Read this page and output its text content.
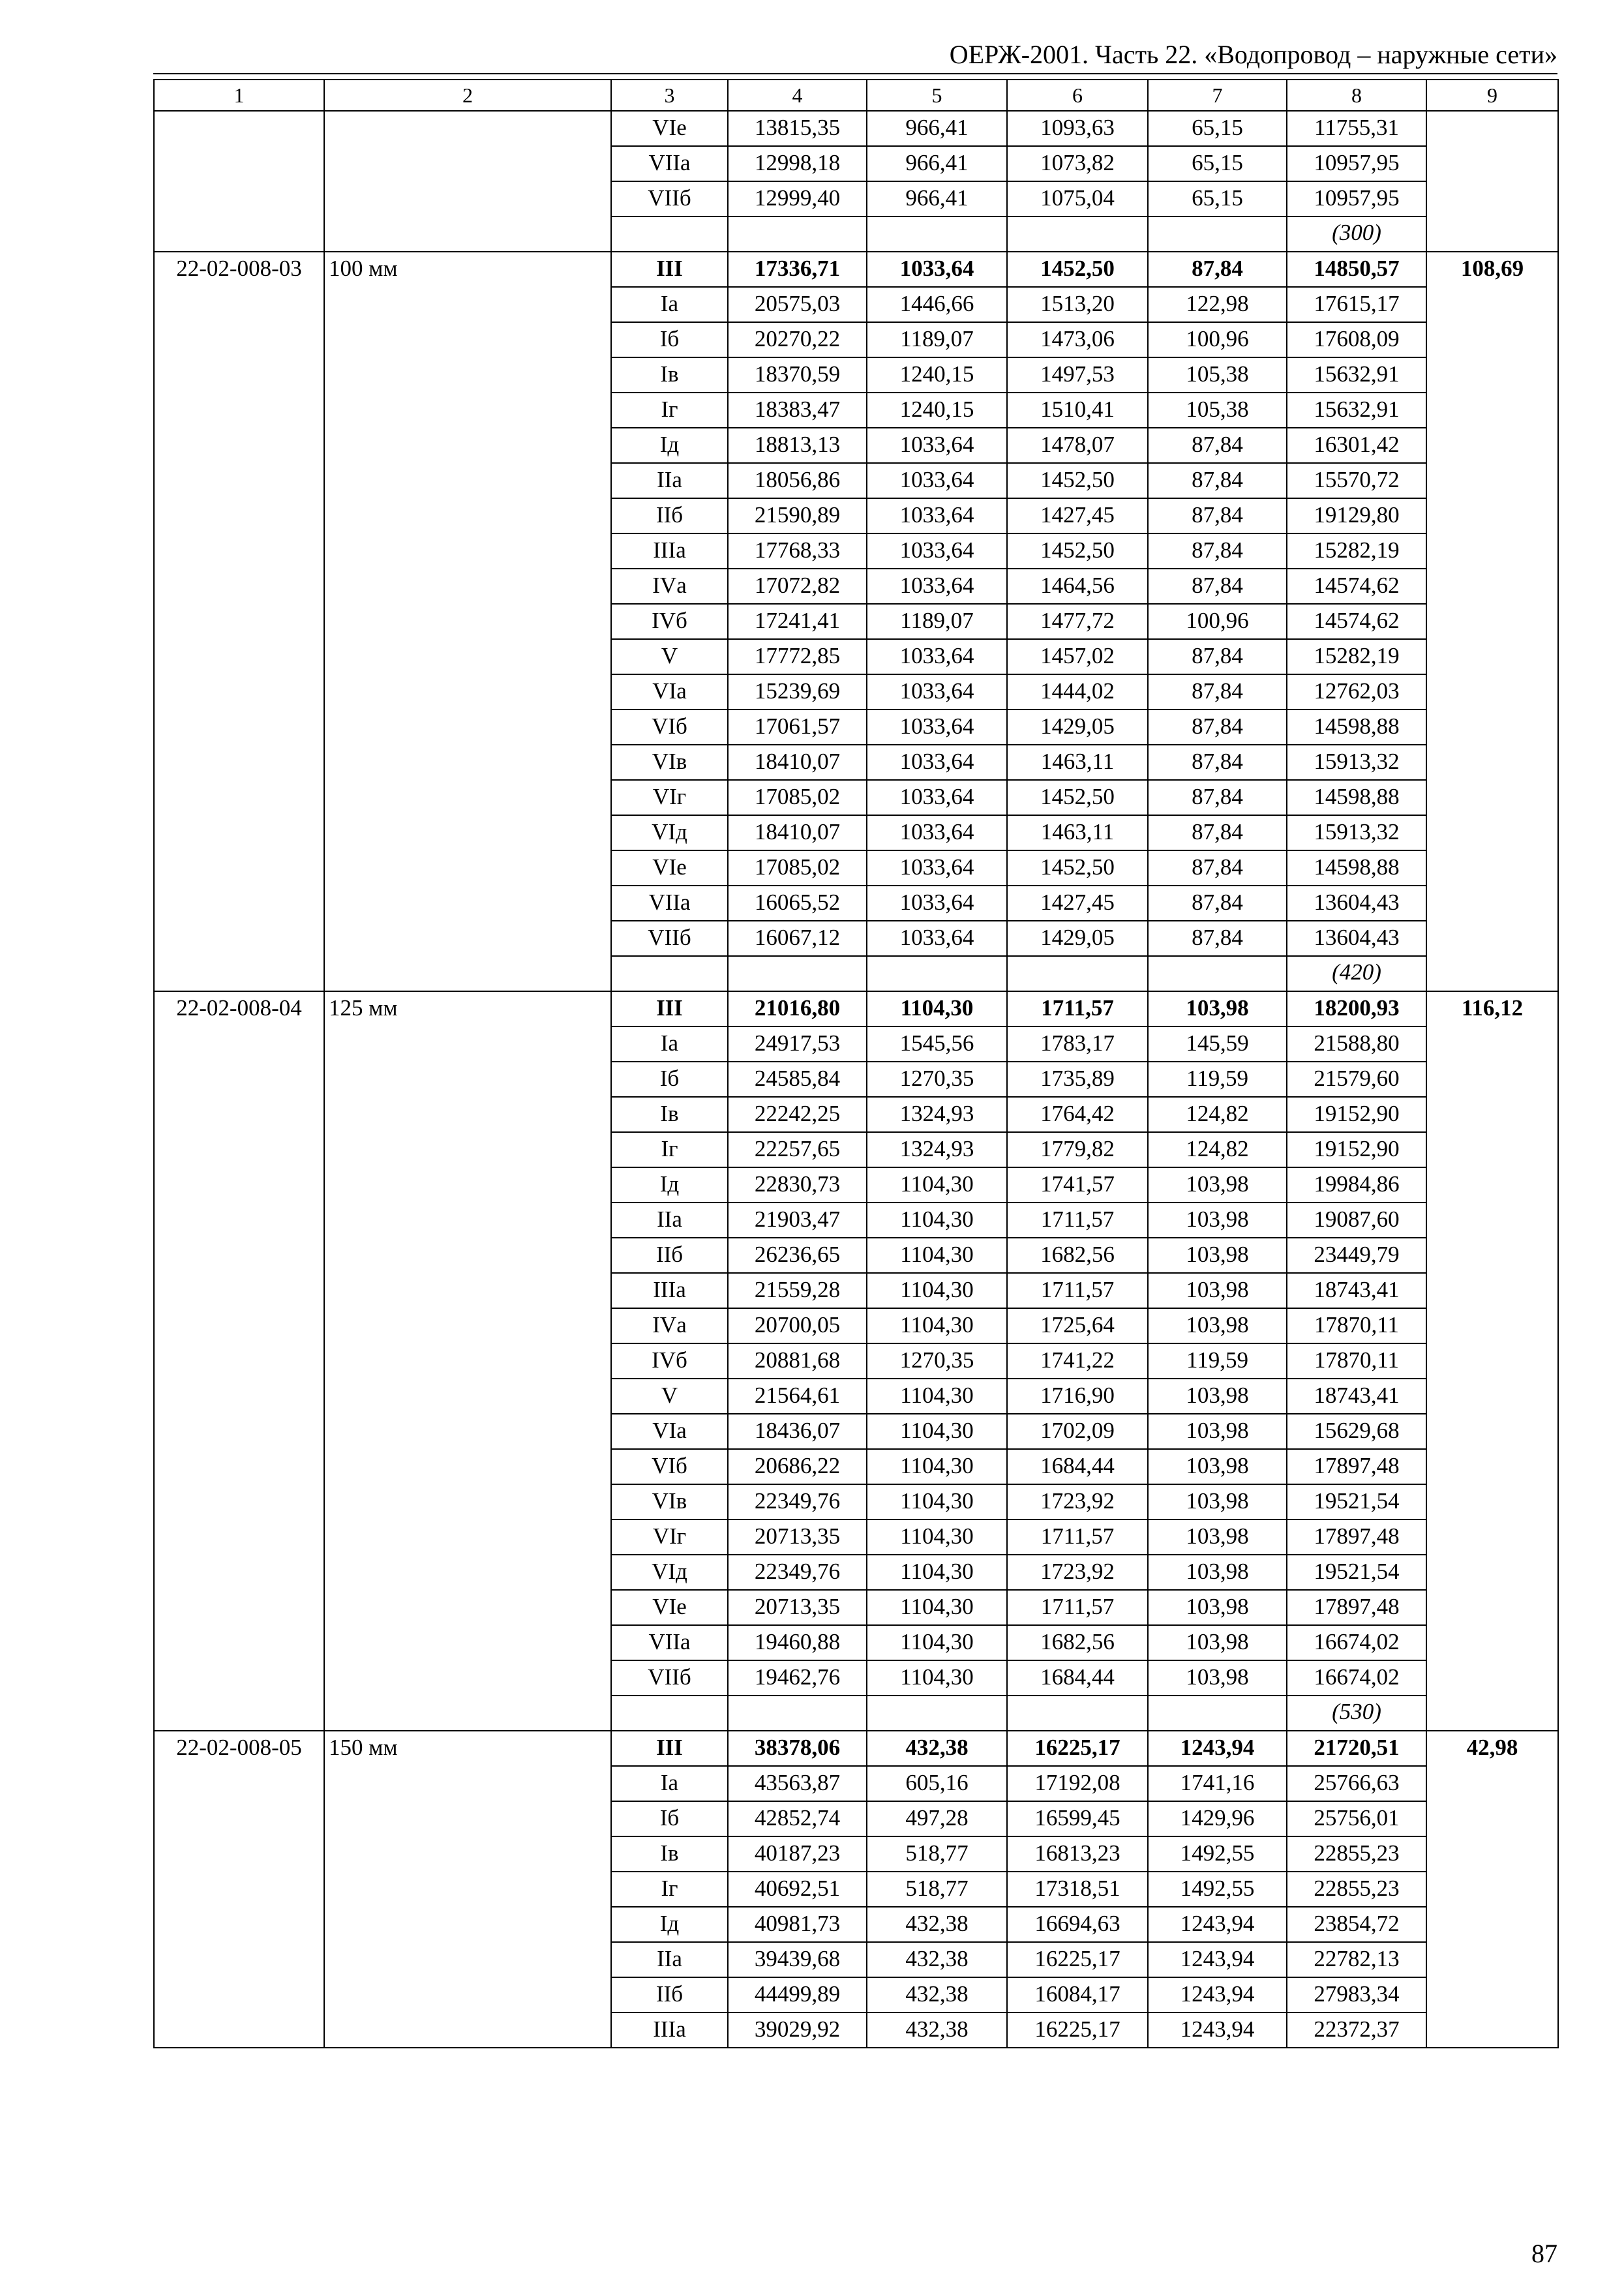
ОЕРЖ-2001. Часть 22. «Водопровод – наружные сети»
1	2	3	4	5	6	7	8	9
		VIе	13815,35	966,41	1093,63	65,15	11755,31	
		VIIа	12998,18	966,41	1073,82	65,15	10957,95	
		VIIб	12999,40	966,41	1075,04	65,15	10957,95	

							(300)	

22-02-008-03	100 мм	III	17336,71	1033,64	1452,50	87,84	14850,57	108,69
		Iа	20575,03	1446,66	1513,20	122,98	17615,17	
		Iб	20270,22	1189,07	1473,06	100,96	17608,09	
		Iв	18370,59	1240,15	1497,53	105,38	15632,91	
		Iг	18383,47	1240,15	1510,41	105,38	15632,91	
		Iд	18813,13	1033,64	1478,07	87,84	16301,42	
		IIа	18056,86	1033,64	1452,50	87,84	15570,72	
		IIб	21590,89	1033,64	1427,45	87,84	19129,80	
		IIIа	17768,33	1033,64	1452,50	87,84	15282,19	
		IVа	17072,82	1033,64	1464,56	87,84	14574,62	
		IVб	17241,41	1189,07	1477,72	100,96	14574,62	
		V	17772,85	1033,64	1457,02	87,84	15282,19	
		VIа	15239,69	1033,64	1444,02	87,84	12762,03	
		VIб	17061,57	1033,64	1429,05	87,84	14598,88	
		VIв	18410,07	1033,64	1463,11	87,84	15913,32	
		VIг	17085,02	1033,64	1452,50	87,84	14598,88	
		VIд	18410,07	1033,64	1463,11	87,84	15913,32	
		VIе	17085,02	1033,64	1452,50	87,84	14598,88	
		VIIа	16065,52	1033,64	1427,45	87,84	13604,43	
		VIIб	16067,12	1033,64	1429,05	87,84	13604,43	

							(420)	

22-02-008-04	125 мм	III	21016,80	1104,30	1711,57	103,98	18200,93	116,12
		Iа	24917,53	1545,56	1783,17	145,59	21588,80	
		Iб	24585,84	1270,35	1735,89	119,59	21579,60	
		Iв	22242,25	1324,93	1764,42	124,82	19152,90	
		Iг	22257,65	1324,93	1779,82	124,82	19152,90	
		Iд	22830,73	1104,30	1741,57	103,98	19984,86	
		IIа	21903,47	1104,30	1711,57	103,98	19087,60	
		IIб	26236,65	1104,30	1682,56	103,98	23449,79	
		IIIа	21559,28	1104,30	1711,57	103,98	18743,41	
		IVа	20700,05	1104,30	1725,64	103,98	17870,11	
		IVб	20881,68	1270,35	1741,22	119,59	17870,11	
		V	21564,61	1104,30	1716,90	103,98	18743,41	
		VIа	18436,07	1104,30	1702,09	103,98	15629,68	
		VIб	20686,22	1104,30	1684,44	103,98	17897,48	
		VIв	22349,76	1104,30	1723,92	103,98	19521,54	
		VIг	20713,35	1104,30	1711,57	103,98	17897,48	
		VIд	22349,76	1104,30	1723,92	103,98	19521,54	
		VIе	20713,35	1104,30	1711,57	103,98	17897,48	
		VIIа	19460,88	1104,30	1682,56	103,98	16674,02	
		VIIб	19462,76	1104,30	1684,44	103,98	16674,02	

							(530)	

22-02-008-05	150 мм	III	38378,06	432,38	16225,17	1243,94	21720,51	42,98
		Iа	43563,87	605,16	17192,08	1741,16	25766,63	
		Iб	42852,74	497,28	16599,45	1429,96	25756,01	
		Iв	40187,23	518,77	16813,23	1492,55	22855,23	
		Iг	40692,51	518,77	17318,51	1492,55	22855,23	
		Iд	40981,73	432,38	16694,63	1243,94	23854,72	
		IIа	39439,68	432,38	16225,17	1243,94	22782,13	
		IIб	44499,89	432,38	16084,17	1243,94	27983,34	
		IIIа	39029,92	432,38	16225,17	1243,94	22372,37	
87
